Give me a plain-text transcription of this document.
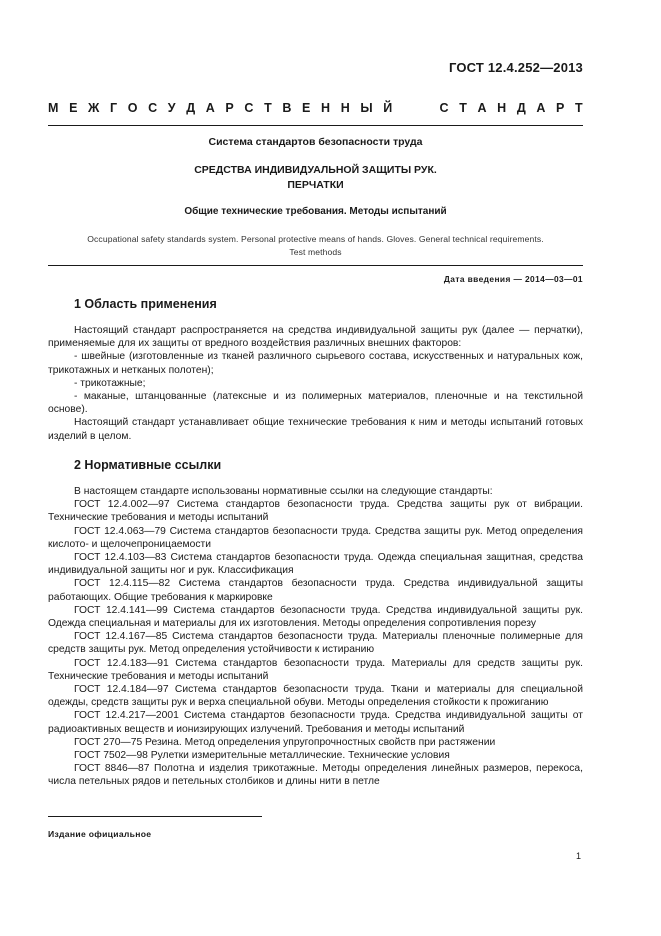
ГОСТ 12.4.252—2013
М Е Ж Г О С У Д А Р С Т В Е Н Н Ы Й	С Т А Н Д А Р Т
Система стандартов безопасности труда
СРЕДСТВА ИНДИВИДУАЛЬНОЙ ЗАЩИТЫ РУК.
ПЕРЧАТКИ
Общие технические требования. Методы испытаний
Occupational safety standards system. Personal protective means of hands. Gloves. General technical requirements.
Test methods
Дата введения — 2014—03—01
1 Область применения

Настоящий стандарт распространяется на средства индивидуальной защиты рук (далее — перчатки), применяемые для их защиты от вредного воздействия различных внешних факторов:

- швейные (изготовленные из тканей различного сырьевого состава, искусственных и натуральных кож, трикотажных и нетканых полотен);

- трикотажные;

- маканые, штанцованные (латексные и из полимерных материалов, пленочные и на текстильной основе).

Настоящий стандарт устанавливает общие технические требования к ним и методы испытаний готовых изделий в целом.

2 Нормативные ссылки

В настоящем стандарте использованы нормативные ссылки на следующие стандарты:

ГОСТ 12.4.002—97 Система стандартов безопасности труда. Средства защиты рук от вибрации. Технические требования и методы испытаний

ГОСТ 12.4.063—79 Система стандартов безопасности труда. Средства защиты рук. Метод определения кислото- и щелочепроницаемости

ГОСТ 12.4.103—83 Система стандартов безопасности труда. Одежда специальная защитная, средства индивидуальной защиты ног и рук. Классификация

ГОСТ 12.4.115—82 Система стандартов безопасности труда. Средства индивидуальной защиты работающих. Общие требования к маркировке

ГОСТ 12.4.141—99 Система стандартов безопасности труда. Средства индивидуальной защиты рук. Одежда специальная и материалы для их изготовления. Методы определения сопротивления порезу

ГОСТ 12.4.167—85 Система стандартов безопасности труда. Материалы пленочные полимерные для средств защиты рук. Метод определения устойчивости к истиранию

ГОСТ 12.4.183—91 Система стандартов безопасности труда. Материалы для средств защиты рук. Технические требования и методы испытаний

ГОСТ 12.4.184—97 Система стандартов безопасности труда. Ткани и материалы для специальной одежды, средств защиты рук и верха специальной обуви. Методы определения стойкости к прожиганию

ГОСТ 12.4.217—2001 Система стандартов безопасности труда. Средства индивидуальной защиты от радиоактивных веществ и ионизирующих излучений. Требования и методы испытаний

ГОСТ 270—75 Резина. Метод определения упругопрочностных свойств при растяжении

ГОСТ 7502—98 Рулетки измерительные металлические. Технические условия

ГОСТ 8846—87 Полотна и изделия трикотажные. Методы определения линейных размеров, перекоса, числа петельных рядов и петельных столбиков и длины нити в петле

Издание официальное
1
